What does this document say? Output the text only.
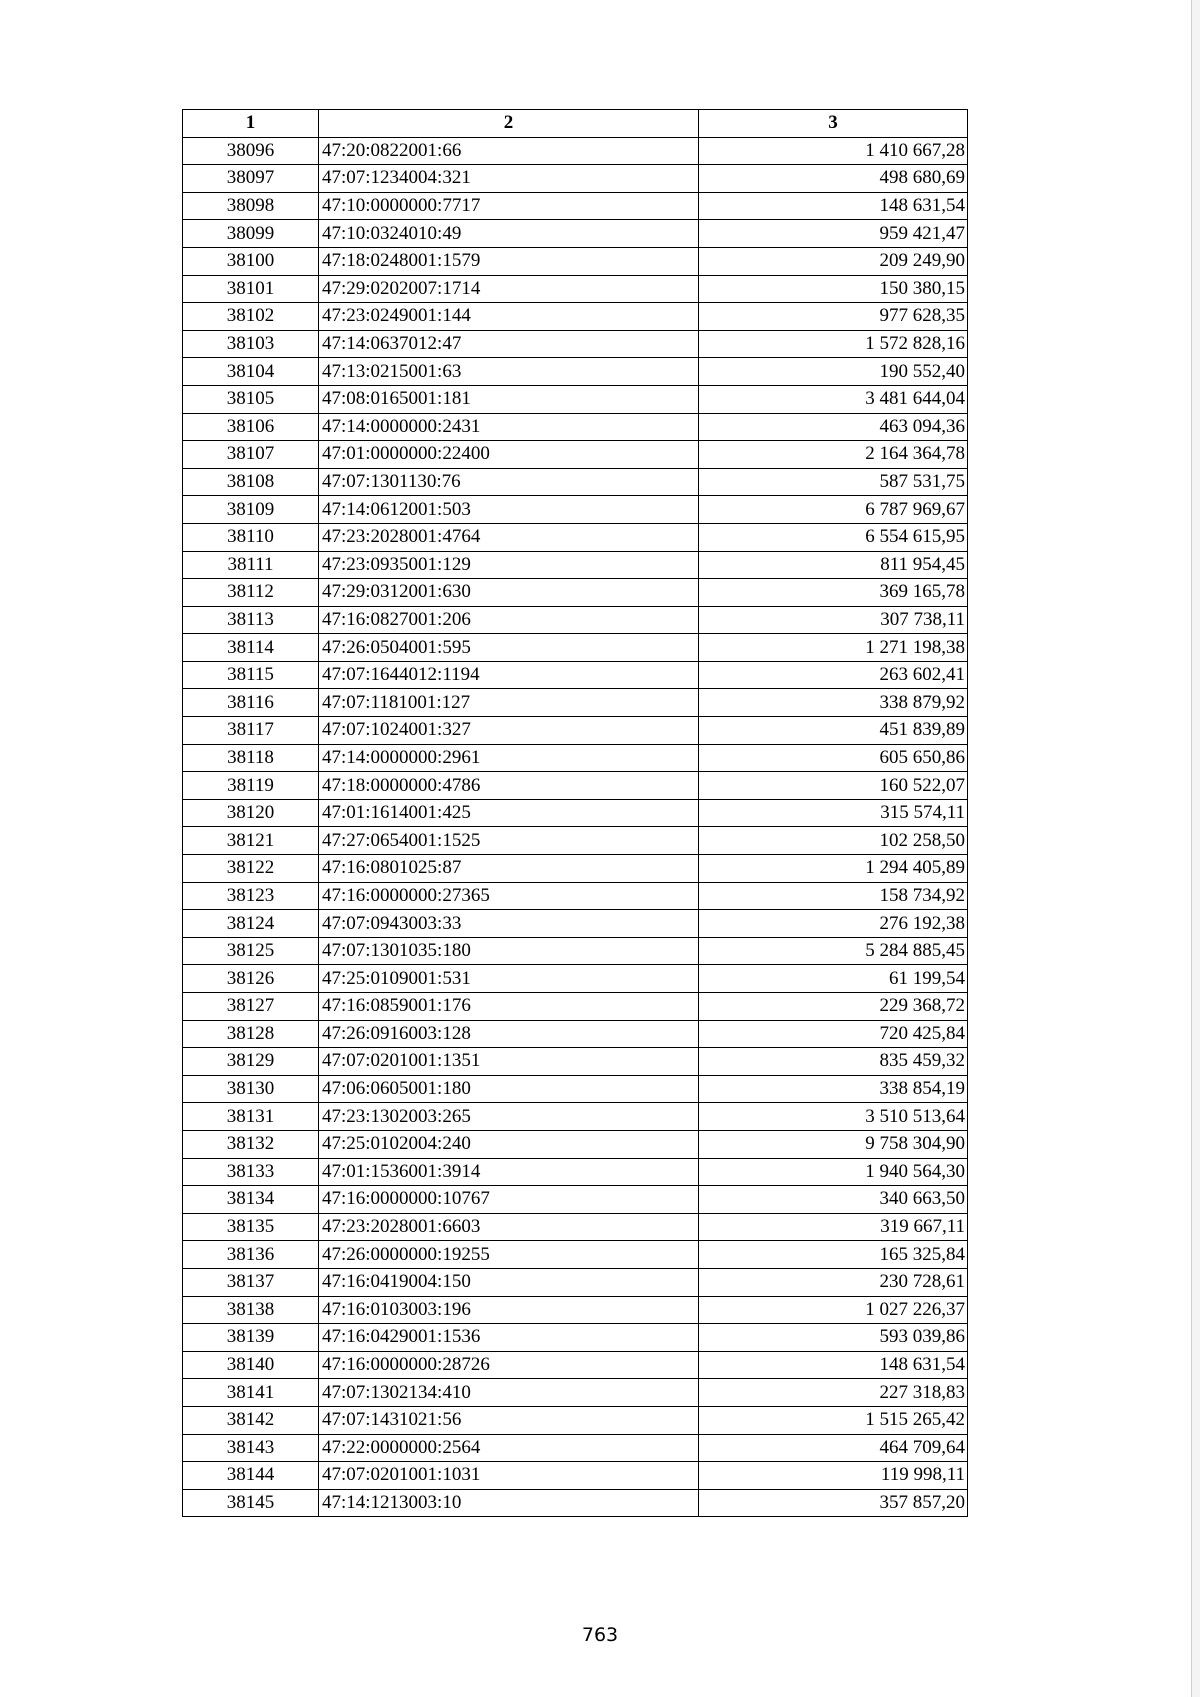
1	2	3
38096	47:20:0822001:66	1 410 667,28
38097	47:07:1234004:321	498 680,69
38098	47:10:0000000:7717	148 631,54
38099	47:10:0324010:49	959 421,47
38100	47:18:0248001:1579	209 249,90
38101	47:29:0202007:1714	150 380,15
38102	47:23:0249001:144	977 628,35
38103	47:14:0637012:47	1 572 828,16
38104	47:13:0215001:63	190 552,40
38105	47:08:0165001:181	3 481 644,04
38106	47:14:0000000:2431	463 094,36
38107	47:01:0000000:22400	2 164 364,78
38108	47:07:1301130:76	587 531,75
38109	47:14:0612001:503	6 787 969,67
38110	47:23:2028001:4764	6 554 615,95
38111	47:23:0935001:129	811 954,45
38112	47:29:0312001:630	369 165,78
38113	47:16:0827001:206	307 738,11
38114	47:26:0504001:595	1 271 198,38
38115	47:07:1644012:1194	263 602,41
38116	47:07:1181001:127	338 879,92
38117	47:07:1024001:327	451 839,89
38118	47:14:0000000:2961	605 650,86
38119	47:18:0000000:4786	160 522,07
38120	47:01:1614001:425	315 574,11
38121	47:27:0654001:1525	102 258,50
38122	47:16:0801025:87	1 294 405,89
38123	47:16:0000000:27365	158 734,92
38124	47:07:0943003:33	276 192,38
38125	47:07:1301035:180	5 284 885,45
38126	47:25:0109001:531	61 199,54
38127	47:16:0859001:176	229 368,72
38128	47:26:0916003:128	720 425,84
38129	47:07:0201001:1351	835 459,32
38130	47:06:0605001:180	338 854,19
38131	47:23:1302003:265	3 510 513,64
38132	47:25:0102004:240	9 758 304,90
38133	47:01:1536001:3914	1 940 564,30
38134	47:16:0000000:10767	340 663,50
38135	47:23:2028001:6603	319 667,11
38136	47:26:0000000:19255	165 325,84
38137	47:16:0419004:150	230 728,61
38138	47:16:0103003:196	1 027 226,37
38139	47:16:0429001:1536	593 039,86
38140	47:16:0000000:28726	148 631,54
38141	47:07:1302134:410	227 318,83
38142	47:07:1431021:56	1 515 265,42
38143	47:22:0000000:2564	464 709,64
38144	47:07:0201001:1031	119 998,11
38145	47:14:1213003:10	357 857,20
763
